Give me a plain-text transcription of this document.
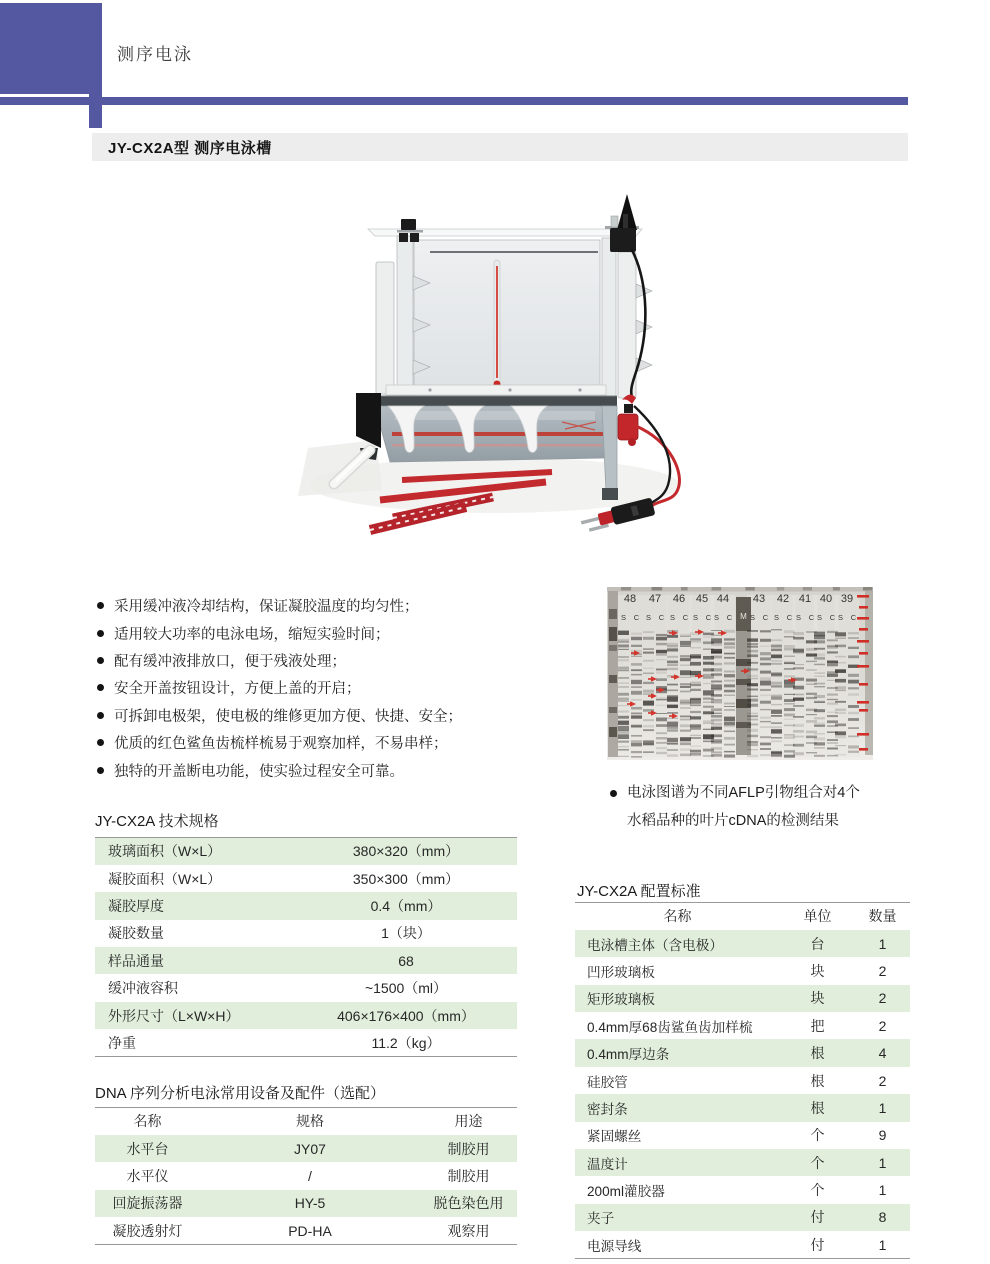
测序电泳
JY-CX2A型 测序电泳槽
采用缓冲液冷却结构，保证凝胶温度的均匀性；
适用较大功率的电泳电场，缩短实验时间；
配有缓冲液排放口，便于残液处理；
安全开盖按钮设计，方便上盖的开启；
可拆卸电极架，使电极的维修更加方便、快捷、安全；
优质的红色鲨鱼齿梳样梳易于观察加样，不易串样；
独特的开盖断电功能，使实验过程安全可靠。
M
48
S C
47
S C
46
S C
45
S C
44
S C
43
S C
42
S C
41
S C
40
S C
39
S C
电泳图谱为不同AFLP引物组合对4个
水稻品种的叶片cDNA的检测结果
JY-CX2A 技术规格
玻璃面积（W×L）	380×320（mm）
凝胶面积（W×L）	350×300（mm）
凝胶厚度	0.4（mm）
凝胶数量	1（块）
样品通量	68
缓冲液容积	~1500（ml）
外形尺寸（L×W×H）	406×176×400（mm）
净重	11.2（kg）
DNA 序列分析电泳常用设备及配件（选配）
名称	规格	用途
水平台	JY07	制胶用
水平仪	/	制胶用
回旋振荡器	HY-5	脱色染色用
凝胶透射灯	PD-HA	观察用
JY-CX2A 配置标准
名称	单位	数量
电泳槽主体（含电极）	台	1
凹形玻璃板	块	2
矩形玻璃板	块	2
0.4mm厚68齿鲨鱼齿加样梳	把	2
0.4mm厚边条	根	4
硅胶管	根	2
密封条	根	1
紧固螺丝	个	9
温度计	个	1
200ml灌胶器	个	1
夹子	付	8
电源导线	付	1
